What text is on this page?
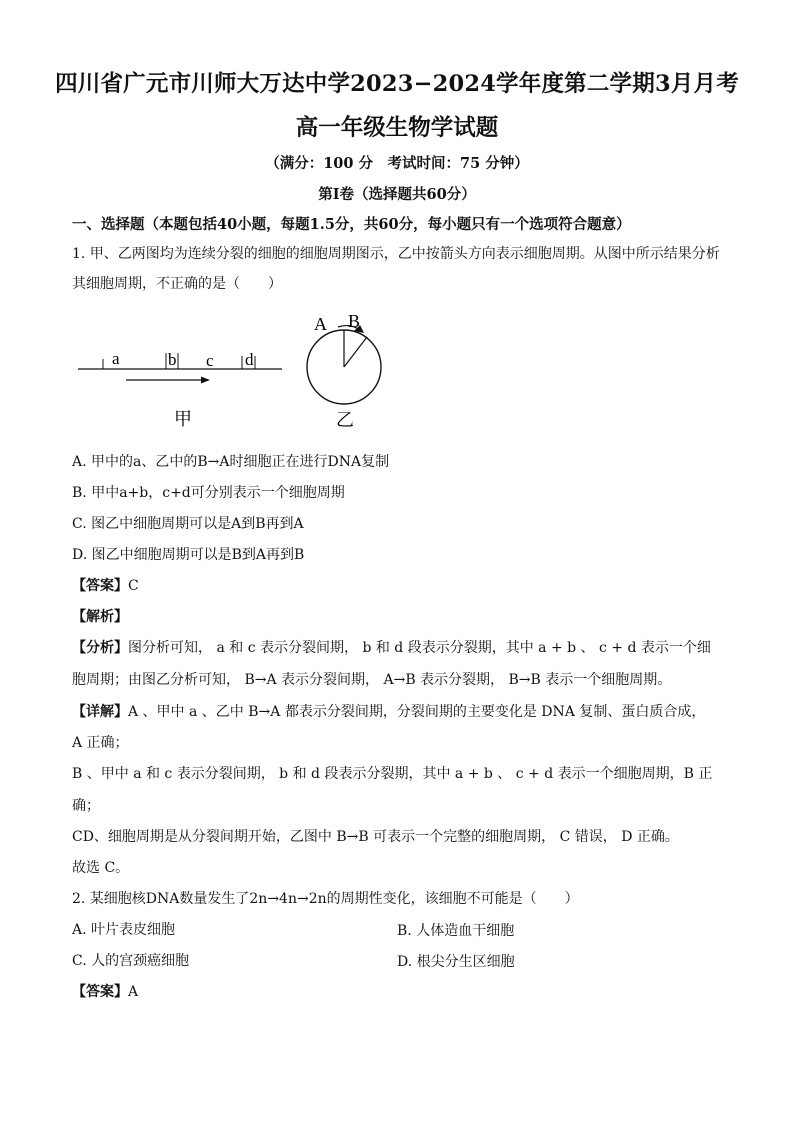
四川省广元市川师大万达中学2023−2024学年度第二学期3月月考
高一年级生物学试题
（满分：100 分　考试时间：75 分钟）
第Ⅰ卷（选择题共60分）
一、选择题（本题包括40小题，每题1.5分，共60分，每小题只有一个选项符合题意）
1. 甲、乙两图均为连续分裂的细胞的细胞周期图示，乙中按箭头方向表示细胞周期。从图中所示结果分析
其细胞周期，不正确的是（　　）
a	b c d
甲
A B
乙
A. 甲中的a、乙中的B→A时细胞正在进行DNA复制
B. 甲中a+b，c+d可分别表示一个细胞周期
C. 图乙中细胞周期可以是A到B再到A
D. 图乙中细胞周期可以是B到A再到B
【答案】C
【解析】
【分析】图分析可知， a 和 c 表示分裂间期， b 和 d 段表示分裂期，其中 a + b 、 c + d 表示一个细
胞周期；由图乙分析可知， B→A 表示分裂间期， A→B 表示分裂期， B→B 表示一个细胞周期。
【详解】A 、甲中 a 、乙中 B→A 都表示分裂间期，分裂间期的主要变化是 DNA 复制、蛋白质合成，
A 正确；
B 、甲中 a 和 c 表示分裂间期， b 和 d 段表示分裂期，其中 a + b 、 c + d 表示一个细胞周期，B 正
确；
CD、细胞周期是从分裂间期开始，乙图中 B→B 可表示一个完整的细胞周期， C 错误， D 正确。
故选 C。
2. 某细胞核DNA数量发生了2n→4n→2n的周期性变化，该细胞不可能是（　　）
A. 叶片表皮细胞	B. 人体造血干细胞
C. 人的宫颈癌细胞	D. 根尖分生区细胞
【答案】A
